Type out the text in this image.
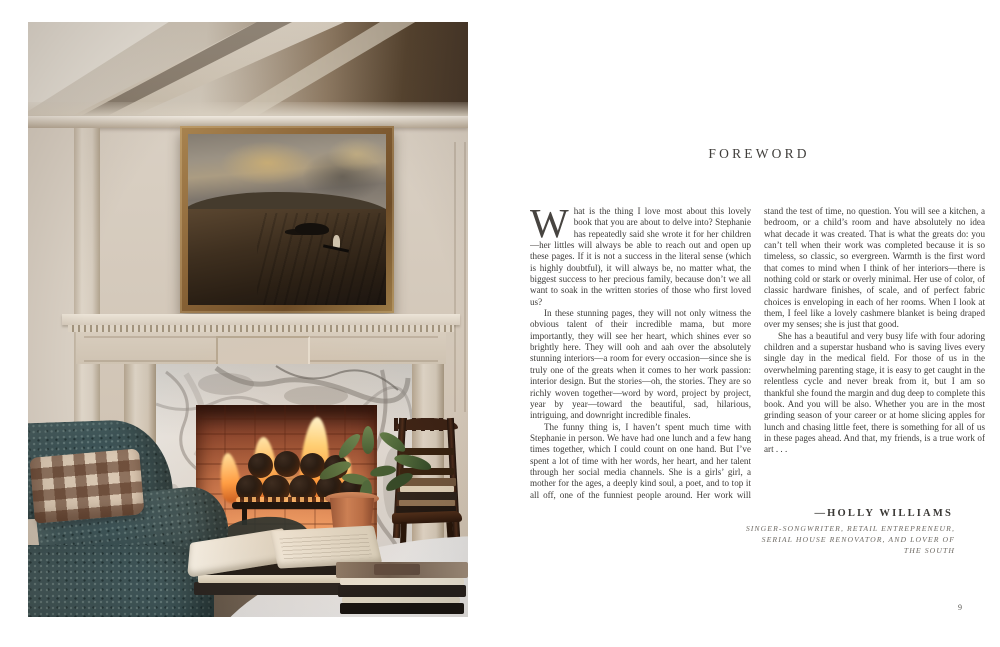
FOREWORD

What is the thing I love most about this lovely book that you are about to delve into? Stephanie has repeatedly said she wrote it for her children—her littles will always be able to reach out and open up these pages. If it is not a success in the literal sense (which is highly doubtful), it will always be, no matter what, the biggest success to her precious family, because don’t we all want to soak in the written stories of those who first loved us?

In these stunning pages, they will not only witness the obvious talent of their incredible mama, but more importantly, they will see her heart, which shines ever so brightly here. They will ooh and aah over the absolutely stunning interiors—a room for every occasion—since she is truly one of the greats when it comes to her work passion: interior design. But the stories—oh, the stories. They are so richly woven together—word by word, project by project, year by year—toward the beautiful, sad, hilarious, intriguing, and downright incredible finales.

The funny thing is, I haven’t spent much time with Stephanie in person. We have had one lunch and a few hang times together, which I could count on one hand. But I’ve spent a lot of time with her words, her heart, and her talent through her social media channels. She is a girls’ girl, a mother for the ages, a deeply kind soul, a poet, and to top it all off, one of the funniest people around. Her work will stand the test of time, no question. You will see a kitchen, a bedroom, or a child’s room and have absolutely no idea what decade it was created. That is what the greats do: you can’t tell when their work was completed because it is so timeless, so classic, so evergreen. Warmth is the first word that comes to mind when I think of her interiors—there is nothing cold or stark or overly minimal. Her use of color, of classic hardware finishes, of scale, and of perfect fabric choices is enveloping in each of her rooms. When I look at them, I feel like a lovely cashmere blanket is being draped over my senses; she is just that good.

She has a beautiful and very busy life with four adoring children and a superstar husband who is saving lives every single day in the medical field. For those of us in the overwhelming parenting stage, it is easy to get caught in the relentless cycle and never break from it, but I am so thankful she found the margin and dug deep to complete this book. And you will be also. Whether you are in the most grinding season of your career or at home slicing apples for lunch and chasing little feet, there is something for all of us in these pages ahead. And that, my friends, is a true work of art . . .

—HOLLY WILLIAMS
SINGER-SONGWRITER, RETAIL ENTREPRENEUR, SERIAL HOUSE RENOVATOR, AND LOVER OF THE SOUTH
9
